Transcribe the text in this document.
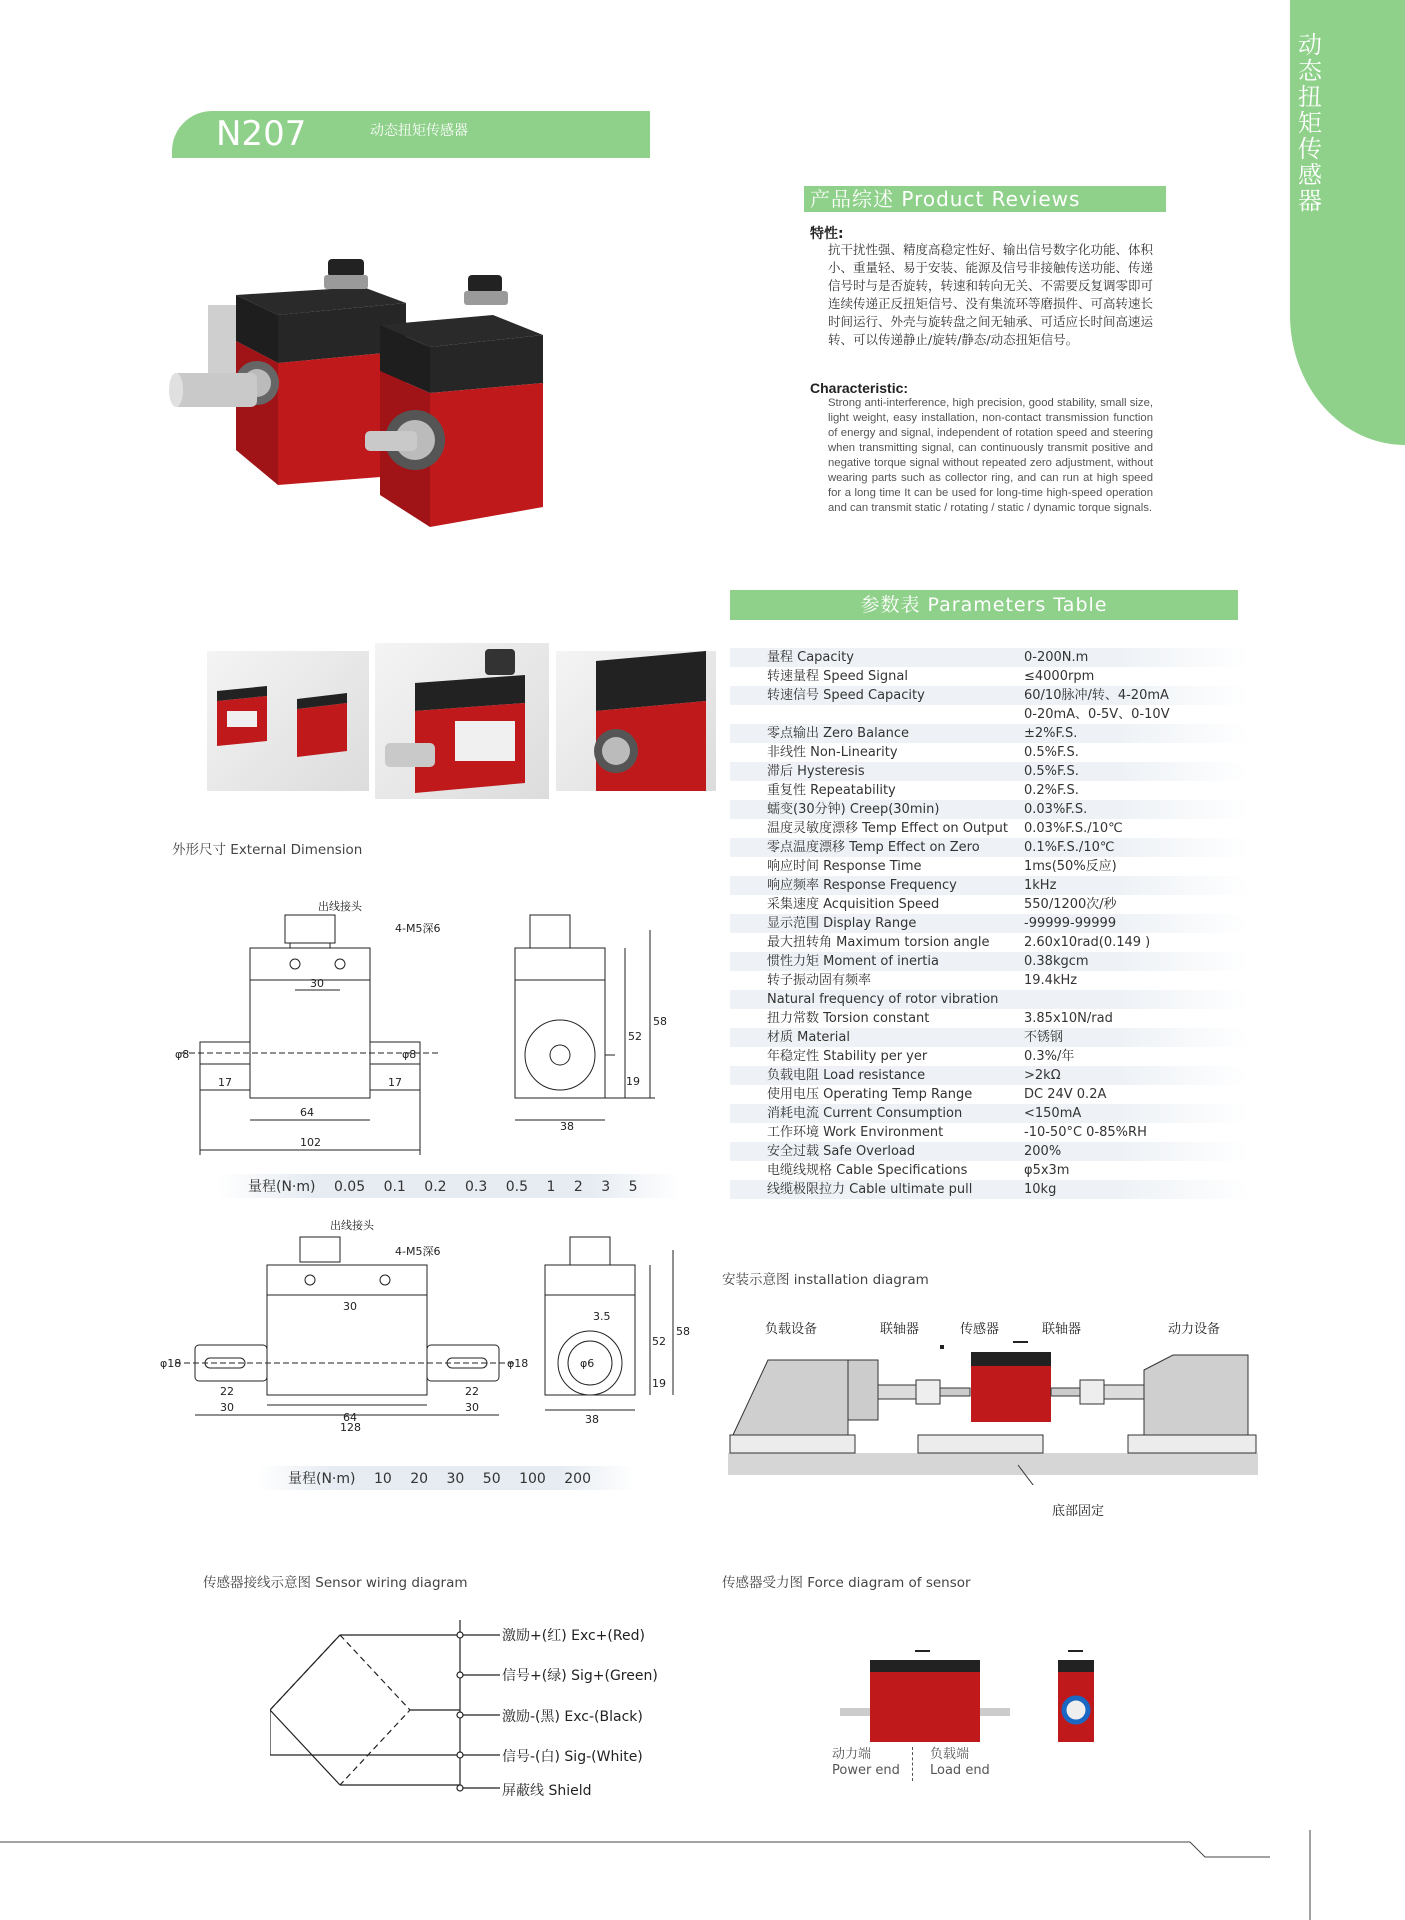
动态扭矩传感器
N207	动态扭矩传感器
产品综述 Product Reviews
特性:
抗干扰性强、精度高稳定性好、输出信号数字化功能、体积小、重量轻、易于安装、能源及信号非接触传送功能、传递信号时与是否旋转，转速和转向无关、不需要反复调零即可连续传递正反扭矩信号、没有集流环等磨损件、可高转速长时间运行、外壳与旋转盘之间无轴承、可适应长时间高速运转、可以传递静止/旋转/静态/动态扭矩信号。
Characteristic:
Strong anti-interference, high precision, good stability, small size, light weight, easy installation, non-contact transmission function of energy and signal, independent of rotation speed and steering when transmitting signal, can continuously transmit positive and negative torque signal without repeated zero adjustment, without wearing parts such as collector ring, and can run at high speed for a long time It can be used for long-time high-speed operation and can transmit static / rotating / static / dynamic torque signals.
参数表 Parameters Table
量程 Capacity	0-200N.m
转速量程 Speed Signal	≤4000rpm
转速信号 Speed Capacity	60/10脉冲/转、4-20mA
0-20mA、0-5V、0-10V
零点输出 Zero Balance	±2%F.S.
非线性 Non-Linearity	0.5%F.S.
滞后 Hysteresis	0.5%F.S.
重复性 Repeatability	0.2%F.S.
蠕变(30分钟) Creep(30min)	0.03%F.S.
温度灵敏度漂移 Temp Effect on Output	0.03%F.S./10℃
零点温度漂移 Temp Effect on Zero	0.1%F.S./10℃
响应时间 Response Time	1ms(50%反应)
响应频率 Response Frequency	1kHz
采集速度 Acquisition Speed	550/1200次/秒
显示范围 Display Range	-99999-99999
最大扭转角 Maximum torsion angle	2.60x10rad(0.149 )
惯性力矩 Moment of inertia	0.38kgcm
转子振动固有频率	19.4kHz
Natural frequency of rotor vibration
扭力常数 Torsion constant	3.85x10N/rad
材质 Material	不锈钢
年稳定性 Stability per yer	0.3%/年
负载电阻 Load resistance	>2kΩ
使用电压 Operating Temp Range	DC 24V 0.2A
消耗电流 Current Consumption	<150mA
工作环境 Work Environment	-10-50°C 0-85%RH
安全过载 Safe Overload	200%
电缆线规格 Cable Specifications	φ5x3m
线缆极限拉力 Cable ultimate pull	10kg
外形尺寸 External Dimension
出线接头
4-M5深6
30
φ8	φ8
17	17
64
102
38
52
58
19
量程(N·m) 0.05 0.1 0.2 0.3 0.5 1 2 3 5
出线接头
4-M5深6
30
φ18	φ18
22	22
30	30
64
128
38
52
58
19
3.5
φ6
量程(N·m) 10 20 30 50 100 200
安装示意图 installation diagram
负载设备	联轴器	传感器	联轴器	动力设备
底部固定
传感器接线示意图 Sensor wiring diagram
激励+(红) Exc+(Red)
信号+(绿) Sig+(Green)
激励-(黑) Exc-(Black)
信号-(白) Sig-(White)
屏蔽线 Shield
传感器受力图 Force diagram of sensor
动力端
Power end
负载端
Load end
